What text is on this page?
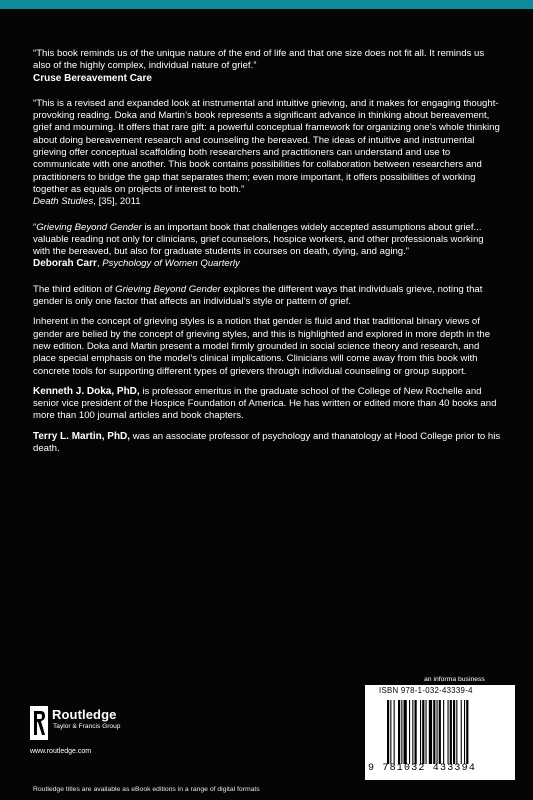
“This book reminds us of the unique nature of the end of life and that one size does not fit all. It reminds us also of the highly complex, individual nature of grief.”
Cruse Bereavement Care

“This is a revised and expanded look at instrumental and intuitive grieving, and it makes for engaging thought-provoking reading. Doka and Martin’s book represents a significant advance in thinking about bereavement, grief and mourning. It offers that rare gift: a powerful conceptual framework for organizing one’s whole thinking about doing bereavement research and counseling the bereaved. The ideas of intuitive and instrumental grieving offer conceptual scaffolding both researchers and practitioners can understand and use to communicate with one another. This book contains possibilities for collaboration between researchers and practitioners to bridge the gap that separates them; even more important, it offers possibilities of working together as equals on projects of interest to both.”
Death Studies, [35], 2011

“Grieving Beyond Gender is an important book that challenges widely accepted assumptions about grief... valuable reading not only for clinicians, grief counselors, hospice workers, and other professionals working with the bereaved, but also for graduate students in courses on death, dying, and aging.”
Deborah Carr, Psychology of Women Quarterly

The third edition of Grieving Beyond Gender explores the different ways that individuals grieve, noting that gender is only one factor that affects an individual’s style or pattern of grief.

Inherent in the concept of grieving styles is a notion that gender is fluid and that traditional binary views of gender are belied by the concept of grieving styles, and this is highlighted and explored in more depth in the new edition. Doka and Martin present a model firmly grounded in social science theory and research, and place special emphasis on the model’s clinical implications. Clinicians will come away from this book with concrete tools for supporting different types of grievers through individual counseling or group support.

Kenneth J. Doka, PhD, is professor emeritus in the graduate school of the College of New Rochelle and senior vice president of the Hospice Foundation of America. He has written or edited more than 40 books and more than 100 journal articles and book chapters.

Terry L. Martin, PhD, was an associate professor of psychology and thanatology at Hood College prior to his death.

Routledge
Taylor & Francis Group
www.routledge.com
an informa business
ISBN 978-1-032-43339-4
9 781032 433394
Routledge titles are available as eBook editions in a range of digital formats
